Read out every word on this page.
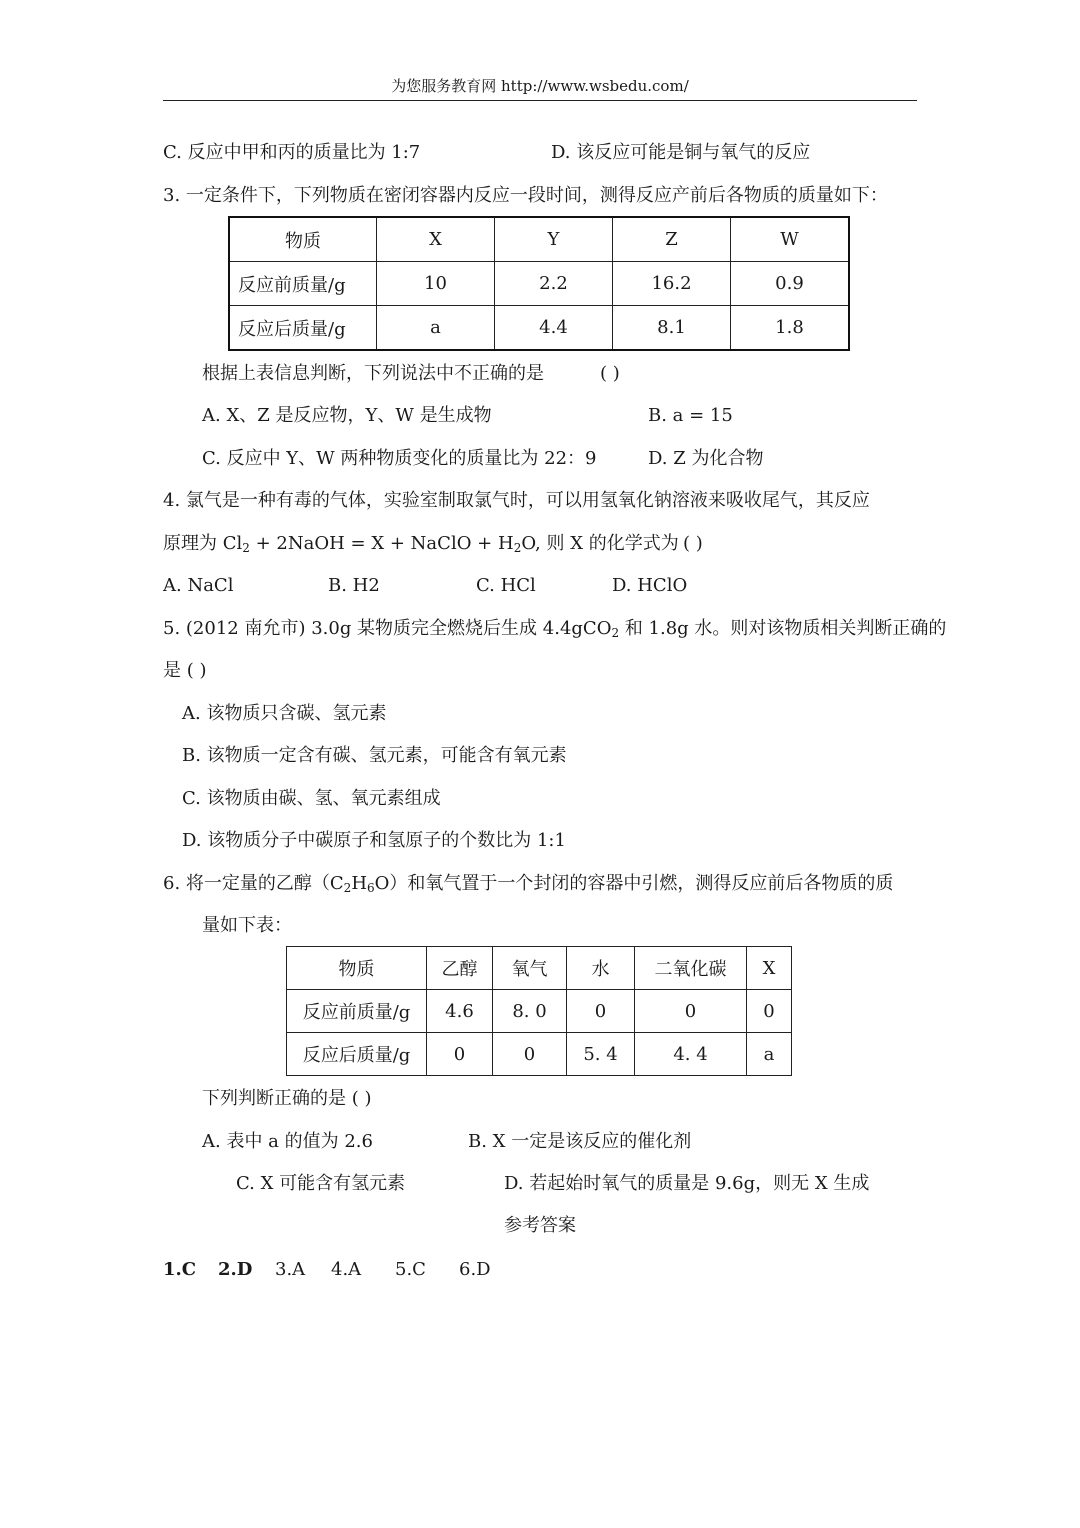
为您服务教育网 http://www.wsbedu.com/
C. 反应中甲和丙的质量比为 1:7	D. 该反应可能是铜与氧气的反应
3. 一定条件下，下列物质在密闭容器内反应一段时间，测得反应产前后各物质的质量如下：
物质	X	Y	Z	W
反应前质量/g	10	2.2	16.2	0.9
反应后质量/g	a	4.4	8.1	1.8
根据上表信息判断，下列说法中不正确的是	( )
A. X、Z 是反应物，Y、W 是生成物	B. a = 15
C. 反应中 Y、W 两种物质变化的质量比为 22：9	D. Z 为化合物
4. 氯气是一种有毒的气体，实验室制取氯气时，可以用氢氧化钠溶液来吸收尾气，其反应
原理为 $Cl_2$ + 2NaOH = X + NaClO + $H_2O$, 则 X 的化学式为 ( )
A. NaCl	B. H2	C. HCl	D. HClO
5. (2012 南允市) 3.0g 某物质完全燃烧后生成 4.4gCO$_2$ 和 1.8g 水。则对该物质相关判断正确的
是 ( )
A. 该物质只含碳、氢元素
B. 该物质一定含有碳、氢元素，可能含有氧元素
C. 该物质由碳、氢、氧元素组成
D. 该物质分子中碳原子和氢原子的个数比为 1:1
6. 将一定量的乙醇$(C_2H_6O)$和氧气置于一个封闭的容器中引燃，测得反应前后各物质的质
量如下表：
物质	乙醇	氧气	水	二氧化碳	X
反应前质量/g	4.6	8. 0	0	0	0
反应后质量/g	0	0	5. 4	4. 4	a
下列判断正确的是 ( )
A. 表中 a 的值为 2.6	B. X 一定是该反应的催化剂
C. X 可能含有氢元素	D. 若起始时氧气的质量是 9.6g，则无 X 生成
参考答案
1.C 2.D 3.A 4.A 5.C 6.D
